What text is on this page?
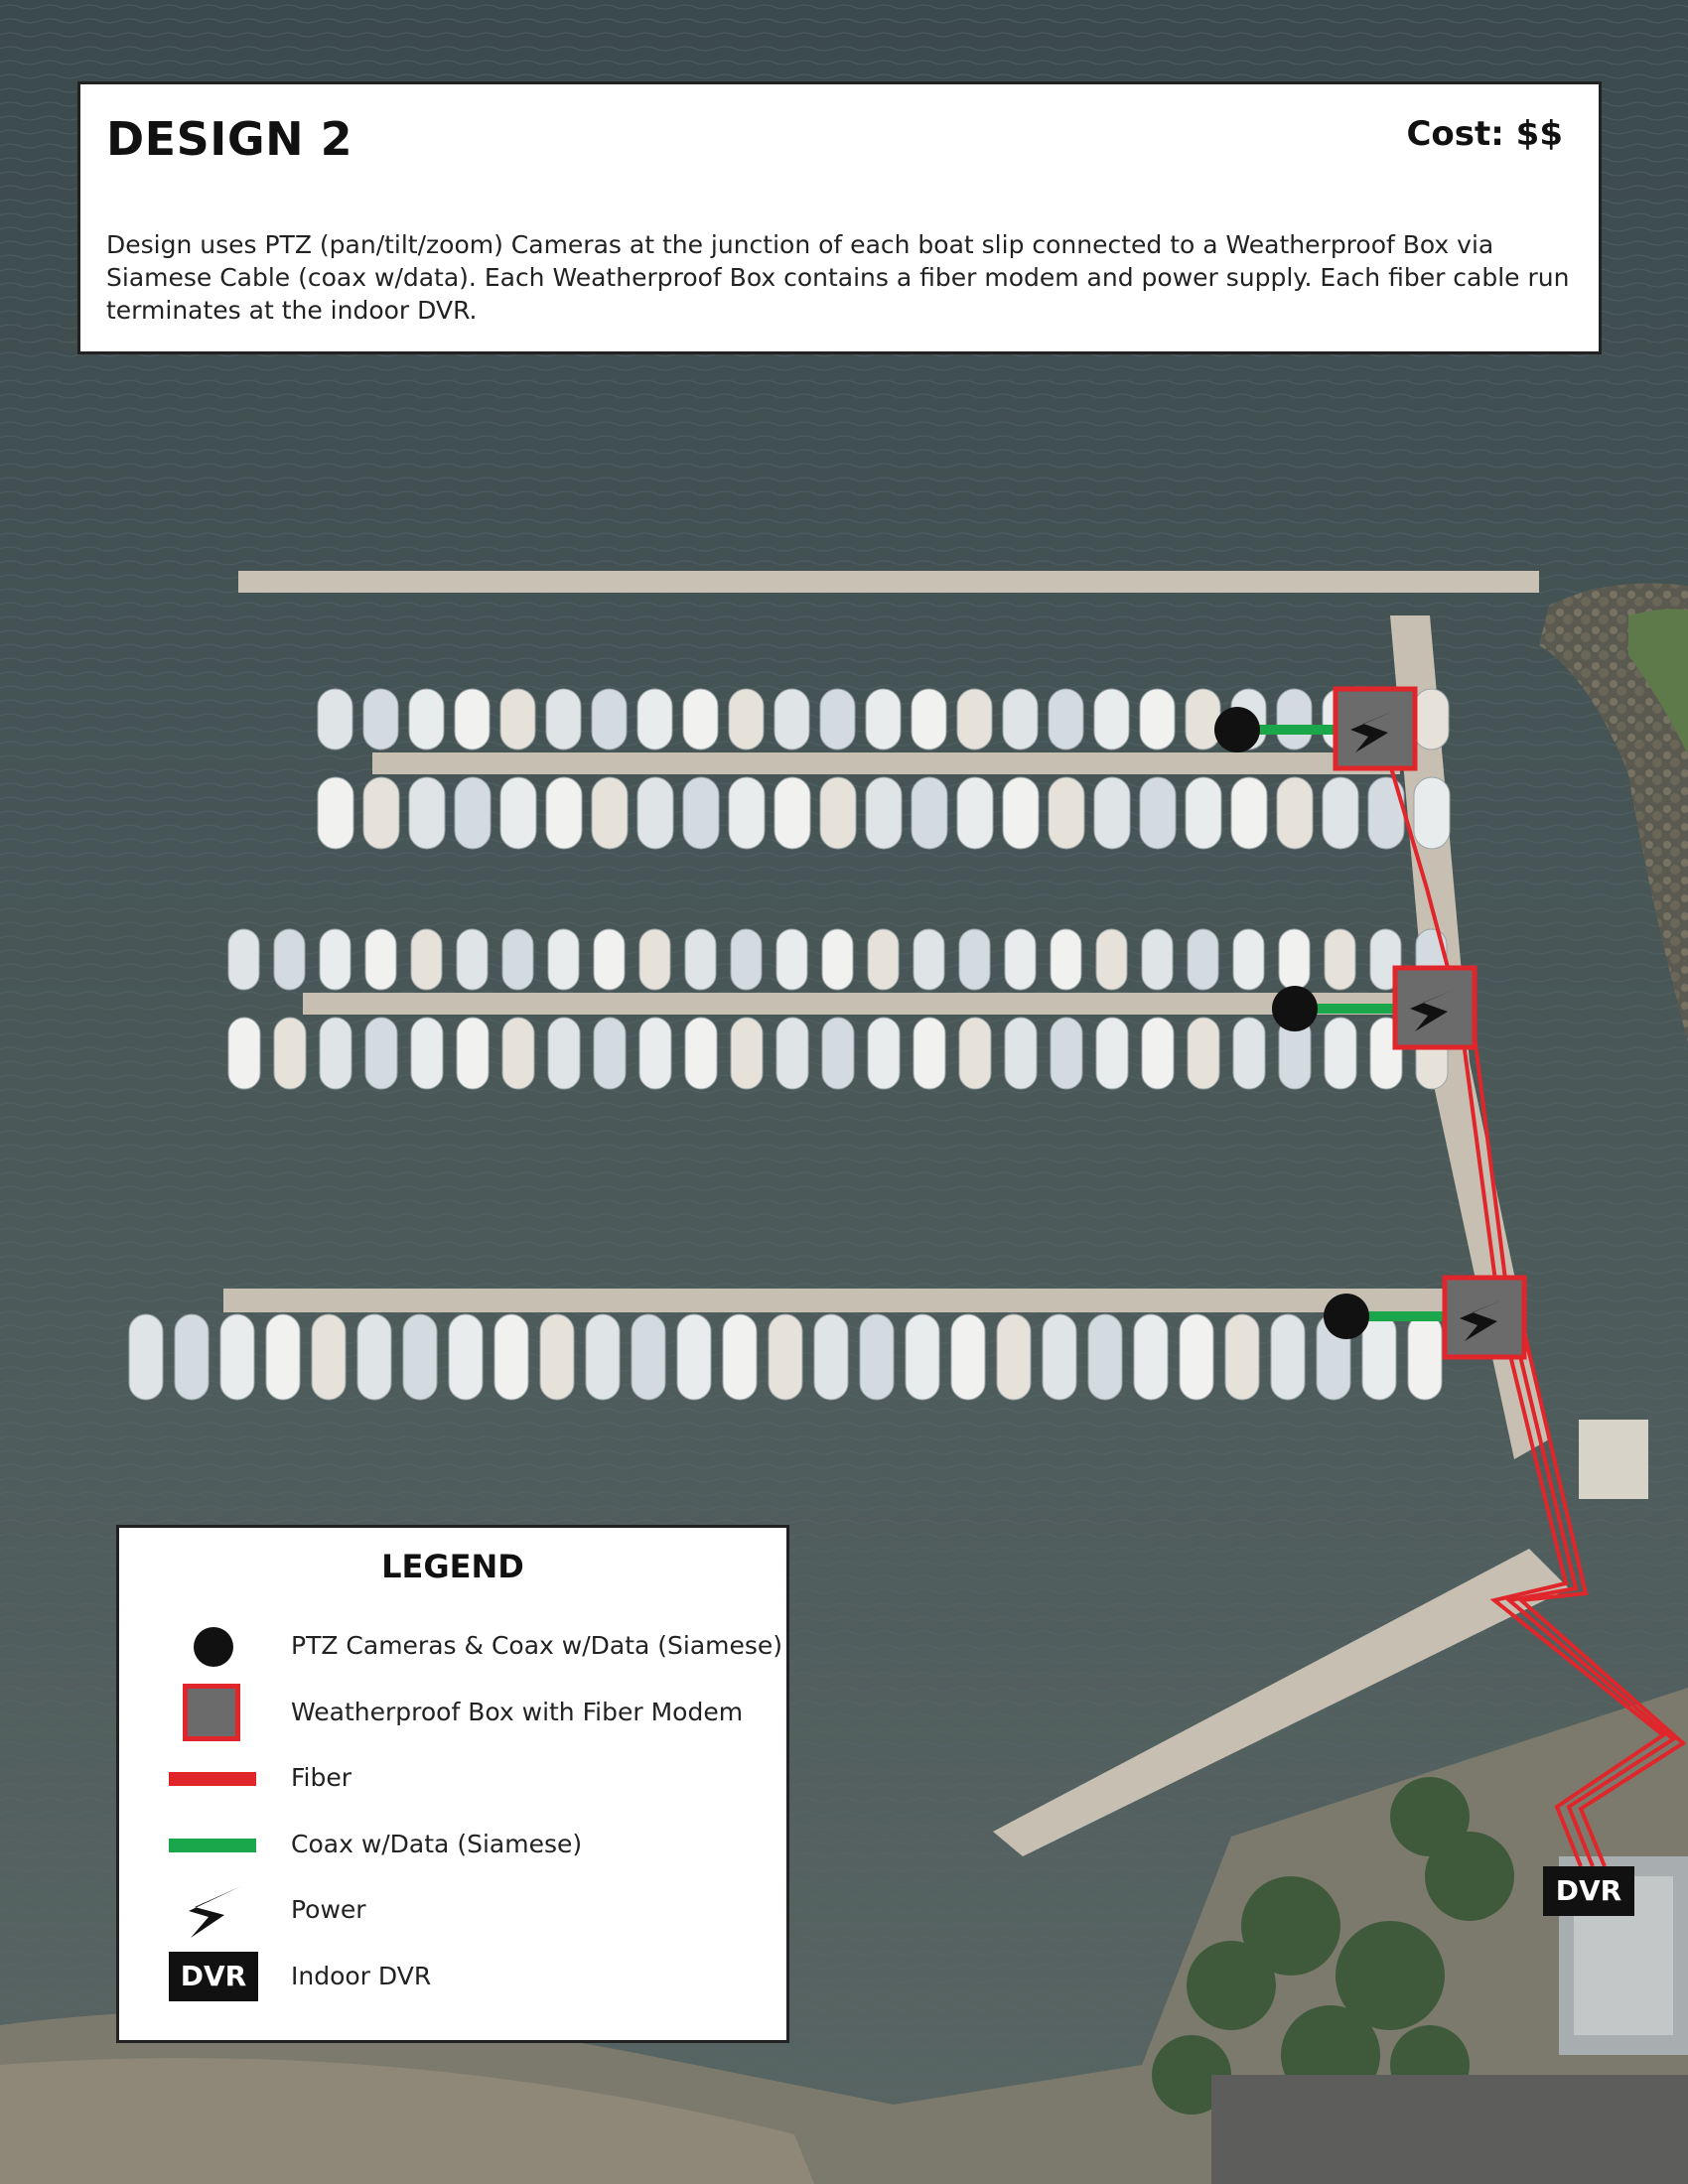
DVR
DESIGN 2	Cost: $$
Design uses PTZ (pan/tilt/zoom) Cameras at the junction of each boat slip connected to a Weatherproof Box via Siamese Cable (coax w/data). Each Weatherproof Box contains a fiber modem and power supply. Each fiber cable run terminates at the indoor DVR.
LEGEND
PTZ Cameras & Coax w/Data (Siamese)
Weatherproof Box with Fiber Modem
Fiber
Coax w/Data (Siamese)
Power
DVR	Indoor DVR
